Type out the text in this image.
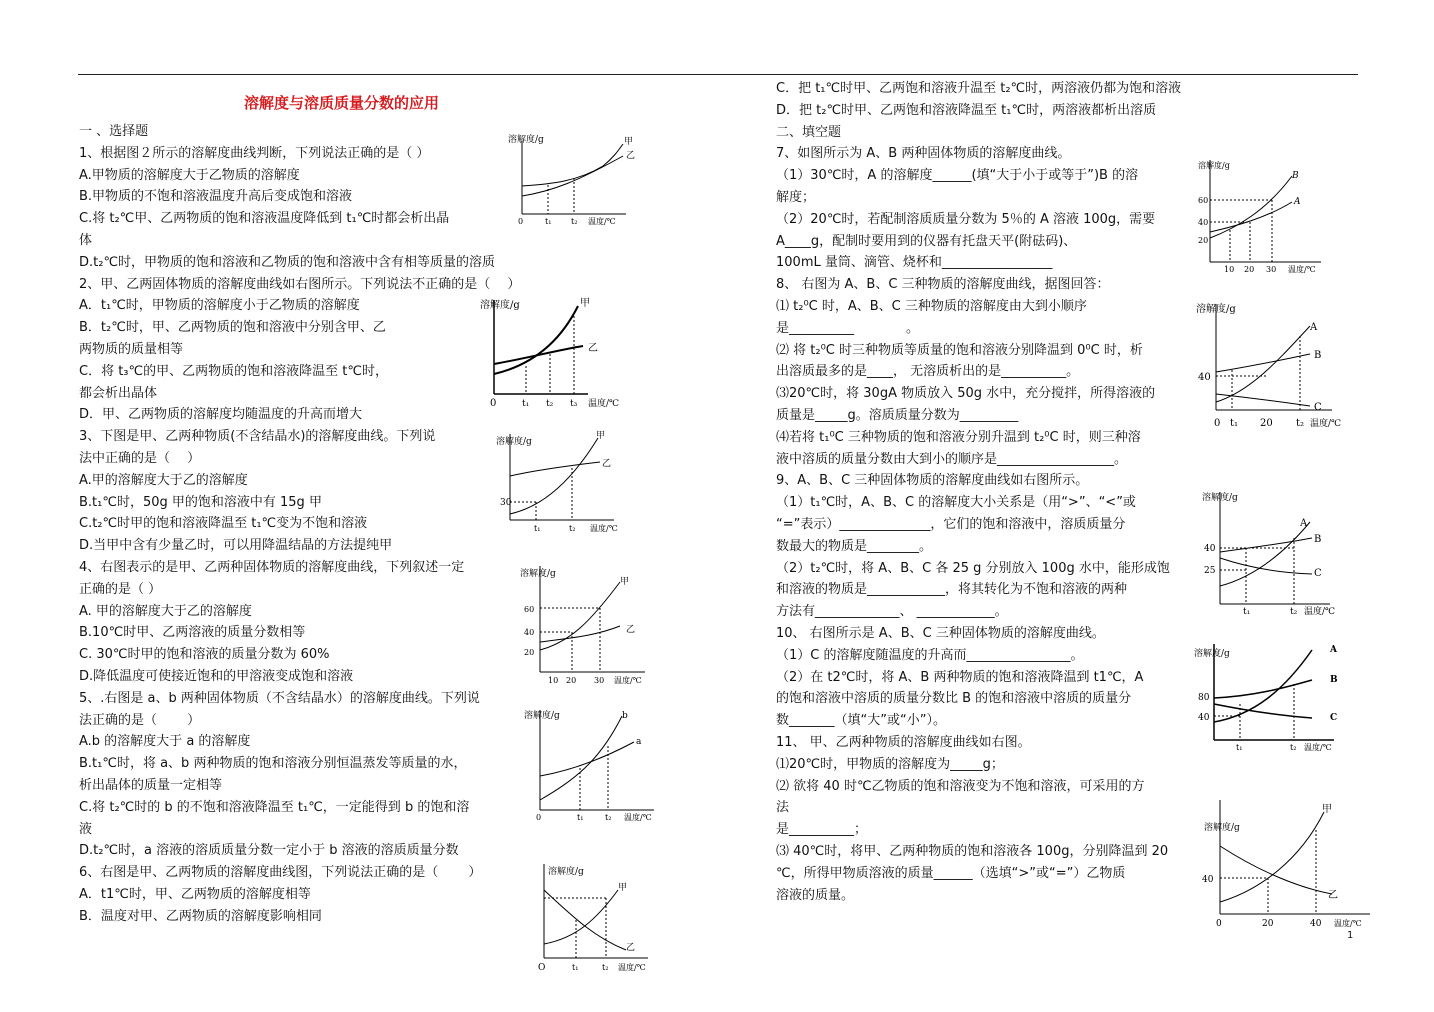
溶解度与溶质质量分数的应用
一 、选择题
1、根据图２所示的溶解度曲线判断，下列说法正确的是（ ）
A.甲物质的溶解度大于乙物质的溶解度
B.甲物质的不饱和溶液温度升高后变成饱和溶液
C.将 t₂℃甲、乙两物质的饱和溶液温度降低到 t₁℃时都会析出晶
体
D.t₂℃时，甲物质的饱和溶液和乙物质的饱和溶液中含有相等质量的溶质
2、甲、乙两固体物质的溶解度曲线如右图所示。下列说法不正确的是（　 ）
A．t₁℃时，甲物质的溶解度小于乙物质的溶解度
B．t₂℃时，甲、乙两物质的饱和溶液中分别含甲、乙
两物质的质量相等
C．将 t₃℃的甲、乙两物质的饱和溶液降温至 t℃时，
都会析出晶体
D．甲、乙两物质的溶解度均随温度的升高而增大
3、下图是甲、乙两种物质(不含结晶水)的溶解度曲线。下列说
法中正确的是（　 ）
A.甲的溶解度大于乙的溶解度
B.t₁℃时，50g 甲的饱和溶液中有 15g 甲
C.t₂℃时甲的饱和溶液降温至 t₁℃变为不饱和溶液
D.当甲中含有少量乙时，可以用降温结晶的方法提纯甲
4、右图表示的是甲、乙两种固体物质的溶解度曲线，下列叙述一定
正确的是（ ）
A. 甲的溶解度大于乙的溶解度
B.10℃时甲、乙两溶液的质量分数相等
C. 30℃时甲的饱和溶液的质量分数为 60%
D.降低温度可使接近饱和的甲溶液变成饱和溶液
5、.右图是 a、b 两种固体物质（不含结晶水）的溶解度曲线。下列说
法正确的是（　　 ）
A.b 的溶解度大于 a 的溶解度
B.t₁℃时，将 a、b 两种物质的饱和溶液分别恒温蒸发等质量的水，
析出晶体的质量一定相等
C.将 t₂℃时的 b 的不饱和溶液降温至 t₁℃，一定能得到 b 的饱和溶
液
D.t₂℃时，a 溶液的溶质质量分数一定小于 b 溶液的溶质质量分数
6、右图是甲、乙两物质的溶解度曲线图，下列说法正确的是（　　 ）
A．t1℃时，甲、乙两物质的溶解度相等
B．温度对甲、乙两物质的溶解度影响相同
C．把 t₁℃时甲、乙两饱和溶液升温至 t₂℃时，两溶液仍都为饱和溶液
D．把 t₂℃时甲、乙两饱和溶液降温至 t₁℃时，两溶液都析出溶质
二、填空题
7、如图所示为 A、B 两种固体物质的溶解度曲线。
（1）30℃时，A 的溶解度______(填“大于小于或等于”)B 的溶
解度；
（2）20℃时，若配制溶质质量分数为 5％的 A 溶液 100g，需要
A____g，配制时要用到的仪器有托盘天平(附砝码)、
100mL 量筒、滴管、烧杯和_________________
8、 右图为 A、B、C 三种物质的溶解度曲线，据图回答：
⑴ t₂⁰C 时，A、B、C 三种物质的溶解度由大到小顺序
是__________　　　　。
⑵ 将 t₂⁰C 时三种物质等质量的饱和溶液分别降温到 0⁰C 时，析
出溶质最多的是____， 无溶质析出的是__________。
⑶20℃时，将 30gA 物质放入 50g 水中，充分搅拌，所得溶液的
质量是_____g。溶质质量分数为_________
⑷若将 t₁⁰C 三种物质的饱和溶液分别升温到 t₂⁰C 时，则三种溶
液中溶质的质量分数由大到小的顺序是__________________。
9、A、B、C 三种固体物质的溶解度曲线如右图所示。
（1）t₁℃时，A、B、C 的溶解度大小关系是（用“>”、“<”或
“=”表示）______________，它们的饱和溶液中，溶质质量分
数最大的物质是________。
（2）t₂℃时，将 A、B、C 各 25 g 分别放入 100g 水中，能形成饱
和溶液的物质是____________，将其转化为不饱和溶液的两种
方法有_____________、 ____________。
10、 右图所示是 A、B、C 三种固体物质的溶解度曲线。
（1）C 的溶解度随温度的升高而________________。
（2）在 t2℃时，将 A、B 两种物质的饱和溶液降温到 t1℃，A
的饱和溶液中溶质的质量分数比 B 的饱和溶液中溶质的质量分
数_______（填“大”或“小”）。
11、 甲、乙两种物质的溶解度曲线如右图。
⑴20℃时，甲物质的溶解度为_____g；
⑵ 欲将 40 时℃乙物质的饱和溶液变为不饱和溶液，可采用的方
法
是__________；
⑶ 40℃时，将甲、乙两种物质的饱和溶液各 100g，分别降温到 20
℃，所得甲物质溶液的质量______（选填“>”或“=”）乙物质
溶液的质量。
溶解度/g	甲
乙
0	t₁ t₂ 温度/℃
溶解度/g	甲
乙
0	t₁ t₂ t₃ 温度/℃
溶解度/g
甲
乙
30
t₁	t₂ 温度/℃
溶解度/g
甲
乙
60
40
20
10 20 30 温度/℃
溶解度/g	b
a
0	t₁	t₂ 温度/℃
溶解度/g
甲
乙
O	t₁	t₂ 温度/℃
溶解度/g
B
A
60
40
20
10 20 30 温度/℃
溶解度/g
A
B
C
40
0 t₁ 20 t₂ 温度/℃
溶解度/g
A
B
C
40
25
t₁	t₂ 温度/℃
溶解度/g	A
B
C
80
40
t₁	t₂ 温度/℃
溶解度/g
甲
乙
40
0	20	40 温度/℃
1
